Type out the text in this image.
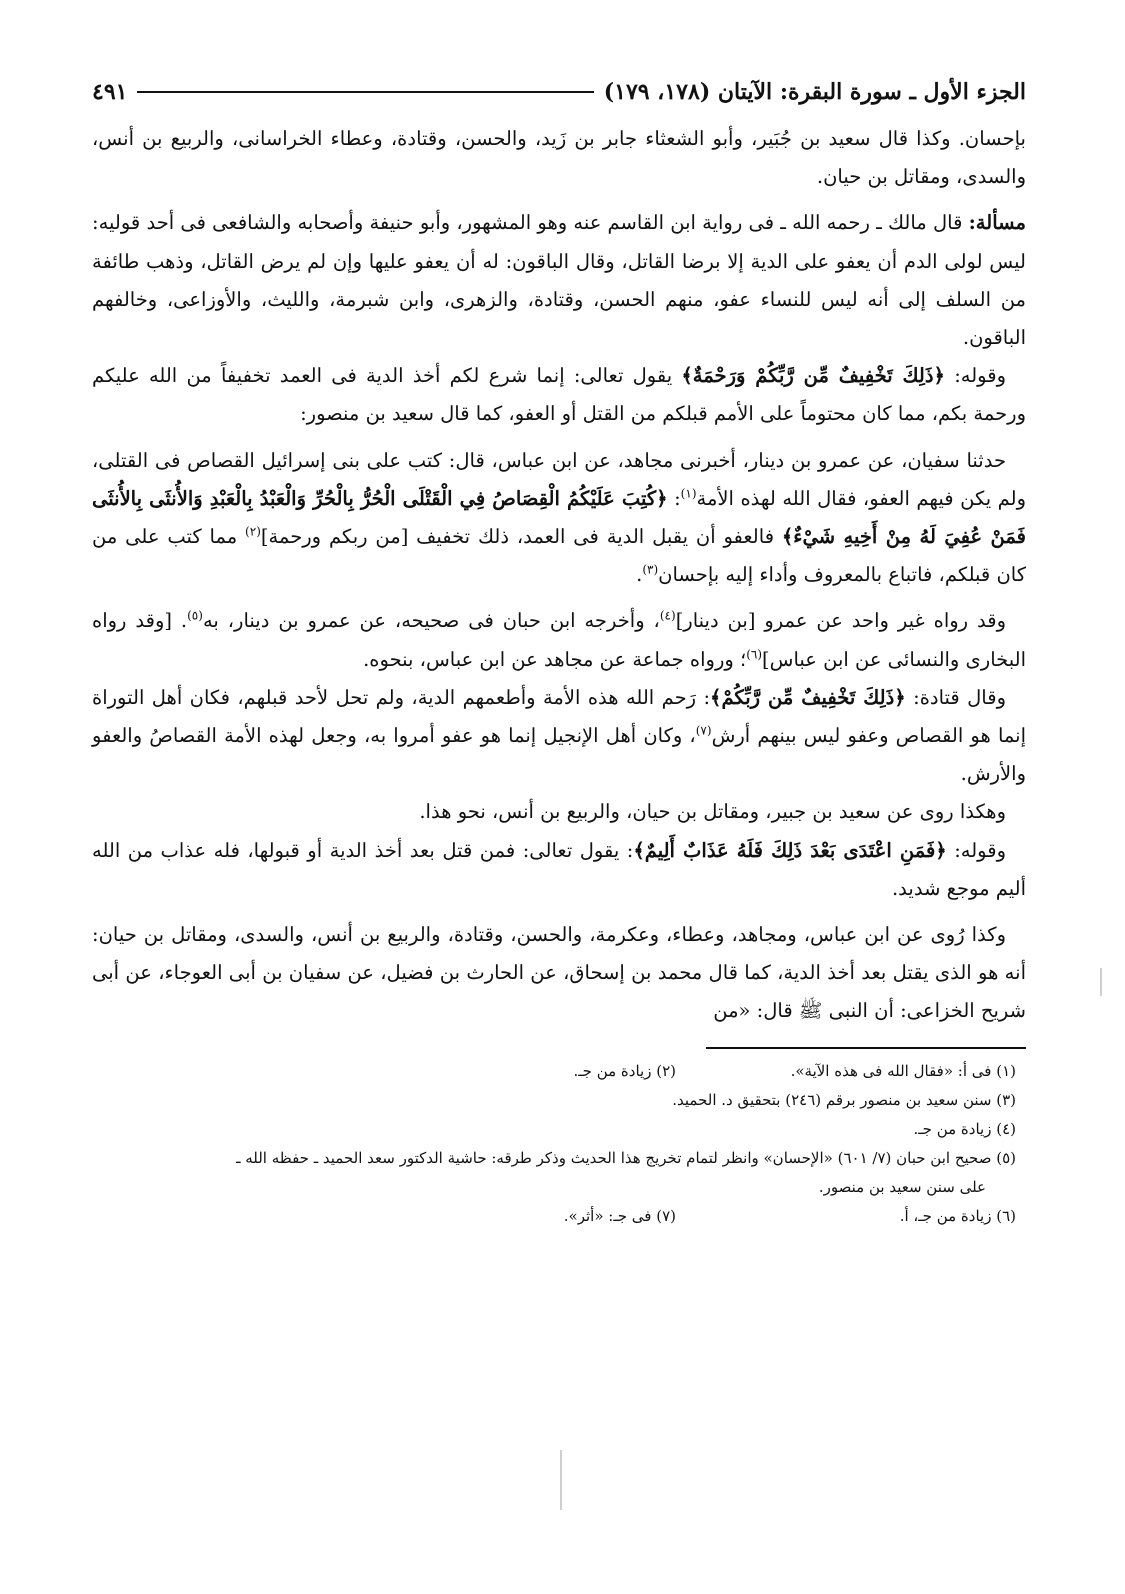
الجزء الأول ـ سورة البقرة: الآيتان (١٧٨، ١٧٩)
٤٩١

بإحسان. وكذا قال سعيد بن جُبَير، وأبو الشعثاء جابر بن زَيد، والحسن، وقتادة، وعطاء الخراسانى، والربيع بن أنس، والسدى، ومقاتل بن حيان.

مسألة: قال مالك ـ رحمه الله ـ فى رواية ابن القاسم عنه وهو المشهور، وأبو حنيفة وأصحابه والشافعى فى أحد قوليه: ليس لولى الدم أن يعفو على الدية إلا برضا القاتل، وقال الباقون: له أن يعفو عليها وإن لم يرض القاتل، وذهب طائفة من السلف إلى أنه ليس للنساء عفو، منهم الحسن، وقتادة، والزهرى، وابن شبرمة، والليث، والأوزاعى، وخالفهم الباقون.

وقوله: ﴿ذَلِكَ تَخْفِيفٌ مِّن رَّبِّكُمْ وَرَحْمَةٌ﴾ يقول تعالى: إنما شرع لكم أخذ الدية فى العمد تخفيفاً من الله عليكم ورحمة بكم، مما كان محتوماً على الأمم قبلكم من القتل أو العفو، كما قال سعيد بن منصور:

حدثنا سفيان، عن عمرو بن دينار، أخبرنى مجاهد، عن ابن عباس، قال: كتب على بنى إسرائيل القصاص فى القتلى، ولم يكن فيهم العفو، فقال الله لهذه الأمة$^{(١)}$: ﴿كُتِبَ عَلَيْكُمُ الْقِصَاصُ فِي الْقَتْلَى الْحُرُّ بِالْحُرِّ وَالْعَبْدُ بِالْعَبْدِ وَالأُنثَى بِالأُنثَى فَمَنْ عُفِيَ لَهُ مِنْ أَخِيهِ شَيْءٌ﴾ فالعفو أن يقبل الدية فى العمد، ذلك تخفيف [من ربكم ورحمة]$^{(٢)}$ مما كتب على من كان قبلكم، فاتباع بالمعروف وأداء إليه بإحسان$^{(٣)}$.

وقد رواه غير واحد عن عمرو [بن دينار]$^{(٤)}$، وأخرجه ابن حبان فى صحيحه، عن عمرو بن دينار، به$^{(٥)}$. [وقد رواه البخارى والنسائى عن ابن عباس]$^{(٦)}$؛ ورواه جماعة عن مجاهد عن ابن عباس، بنحوه.

وقال قتادة: ﴿ذَلِكَ تَخْفِيفٌ مِّن رَّبِّكُمْ﴾: رَحم الله هذه الأمة وأطعمهم الدية، ولم تحل لأحد قبلهم، فكان أهل التوراة إنما هو القصاص وعفو ليس بينهم أرش$^{(٧)}$، وكان أهل الإنجيل إنما هو عفو أمروا به، وجعل لهذه الأمة القصاصُ والعفو والأرش.

وهكذا روى عن سعيد بن جبير، ومقاتل بن حيان، والربيع بن أنس، نحو هذا.

وقوله: ﴿فَمَنِ اعْتَدَى بَعْدَ ذَلِكَ فَلَهُ عَذَابٌ أَلِيمٌ﴾: يقول تعالى: فمن قتل بعد أخذ الدية أو قبولها، فله عذاب من الله أليم موجع شديد.

وكذا رُوى عن ابن عباس، ومجاهد، وعطاء، وعكرمة، والحسن، وقتادة، والربيع بن أنس، والسدى، ومقاتل بن حيان: أنه هو الذى يقتل بعد أخذ الدية، كما قال محمد بن إسحاق، عن الحارث بن فضيل، عن سفيان بن أبى العوجاء، عن أبى شريح الخزاعى: أن النبى ﷺ قال: «من

(١) فى أ: «فقال الله فى هذه الآية».
(٢) زيادة من جـ.
(٣) سنن سعيد بن منصور برقم (٢٤٦) بتحقيق د. الحميد.
(٤) زيادة من جـ.
(٥) صحيح ابن حبان (٧/ ٦٠١) «الإحسان» وانظر لتمام تخريج هذا الحديث وذكر طرقه: حاشية الدكتور سعد الحميد ـ حفظه الله ـ
على سنن سعيد بن منصور.
(٦) زيادة من جـ، أ.
(٧) فى جـ: «أثر».
